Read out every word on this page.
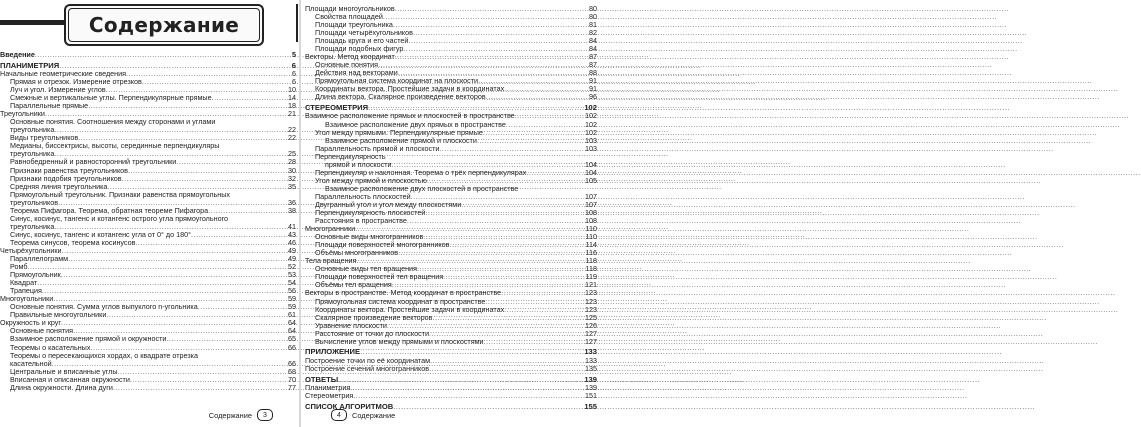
Содержание
Введение .....	5
ПЛАНИМЕТРИЯ .....	6
Начальные геометрические сведения .....	6
Прямая и отрезок. Измерение отрезков .....	6
Луч и угол. Измерение углов .....	10
Смежные и вертикальные углы. Перпендикулярные прямые .....	14
Параллельные прямые .....	18
Треугольники .....	21
Основные понятия. Соотношения между сторонами и углами
треугольника .....	22
Виды треугольников .....	22
Медианы, биссектрисы, высоты, серединные перпендикуляры
треугольника .....	25
Равнобедренный и равносторонний треугольники .....	28
Признаки равенства треугольников .....	30
Признаки подобия треугольников .....	32
Средняя линия треугольника .....	35
Прямоугольный треугольник. Признаки равенства прямоугольных
треугольников .....	36
Теорема Пифагора. Теорема, обратная теореме Пифагора .....	38
Синус, косинус, тангенс и котангенс острого угла прямоугольного
треугольника .....	41
Синус, косинус, тангенс и котангенс угла от 0° до 180° .....	43
Теорема синусов, теорема косинусов .....	46
Четырёхугольники .....	49
Параллелограмм .....	49
Ромб .....	52
Прямоугольник .....	53
Квадрат .....	54
Трапеция .....	56
Многоугольники .....	59
Основные понятия. Сумма углов выпуклого n-угольника .....	59
Правильные многоугольники .....	61
Окружность и круг .....	64
Основные понятия .....	64
Взаимное расположение прямой и окружности .....	65
Теоремы о касательных .....	66
Теоремы о пересекающихся хордах, о квадрате отрезка
касательной .....	66
Центральные и вписанные углы .....	68
Вписанная и описанная окружности .....	70
Длина окружности. Длина дуги .....	77
Содержание	3
Площади многоугольников .....	80
Свойства площадей .....	80
Площади треугольника .....	81
Площади четырёхугольников .....	82
Площадь круга и его частей .....	84
Площади подобных фигур .....	84
Векторы. Метод координат .....	87
Основные понятия .....	87
Действия над векторами .....	88
Прямоугольная система координат на плоскости .....	91
Координаты вектора. Простейшие задачи в координатах .....	91
Длина вектора. Скалярное произведение векторов .....	96
СТЕРЕОМЕТРИЯ .....	102
Взаимное расположение прямых и плоскостей в пространстве .....	102
Взаимное расположение двух прямых в пространстве .....	102
Угол между прямыми. Перпендикулярные прямые .....	102
Взаимное расположение прямой и плоскости .....	103
Параллельность прямой и плоскости .....	103
Перпендикулярность
прямой и плоскости .....	104
Перпендикуляр и наклонная. Теорема о трёх перпендикулярах .....	104
Угол между прямой и плоскостью .....	105
Взаимное расположение двух плоскостей в пространстве
Параллельность плоскостей .....	107
Двугранный угол и угол между плоскостями .....	107
Перпендикулярность плоскостей .....	108
Расстояния в пространстве .....	108
Многогранники .....	110
Основные виды многогранников .....	110
Площади поверхностей многогранников .....	114
Объёмы многогранников .....	116
Тела вращения .....	118
Основные виды тел вращения .....	118
Площади поверхностей тел вращения .....	119
Объёмы тел вращения .....	121
Векторы в пространстве. Метод координат в пространстве .....	123
Прямоугольная система координат в пространстве .....	123
Координаты вектора. Простейшие задачи в координатах .....	123
Скалярное произведение векторов .....	125
Уравнение плоскости .....	126
Расстояние от точки до плоскости .....	127
Вычисление углов между прямыми и плоскостями .....	127
ПРИЛОЖЕНИЕ .....	133
Построение точки по её координатам .....	133
Построение сечений многогранников .....	135
ОТВЕТЫ .....	139
Планиметрия .....	139
Стереометрия .....	151
СПИСОК АЛГОРИТМОВ .....	155
4	Содержание
